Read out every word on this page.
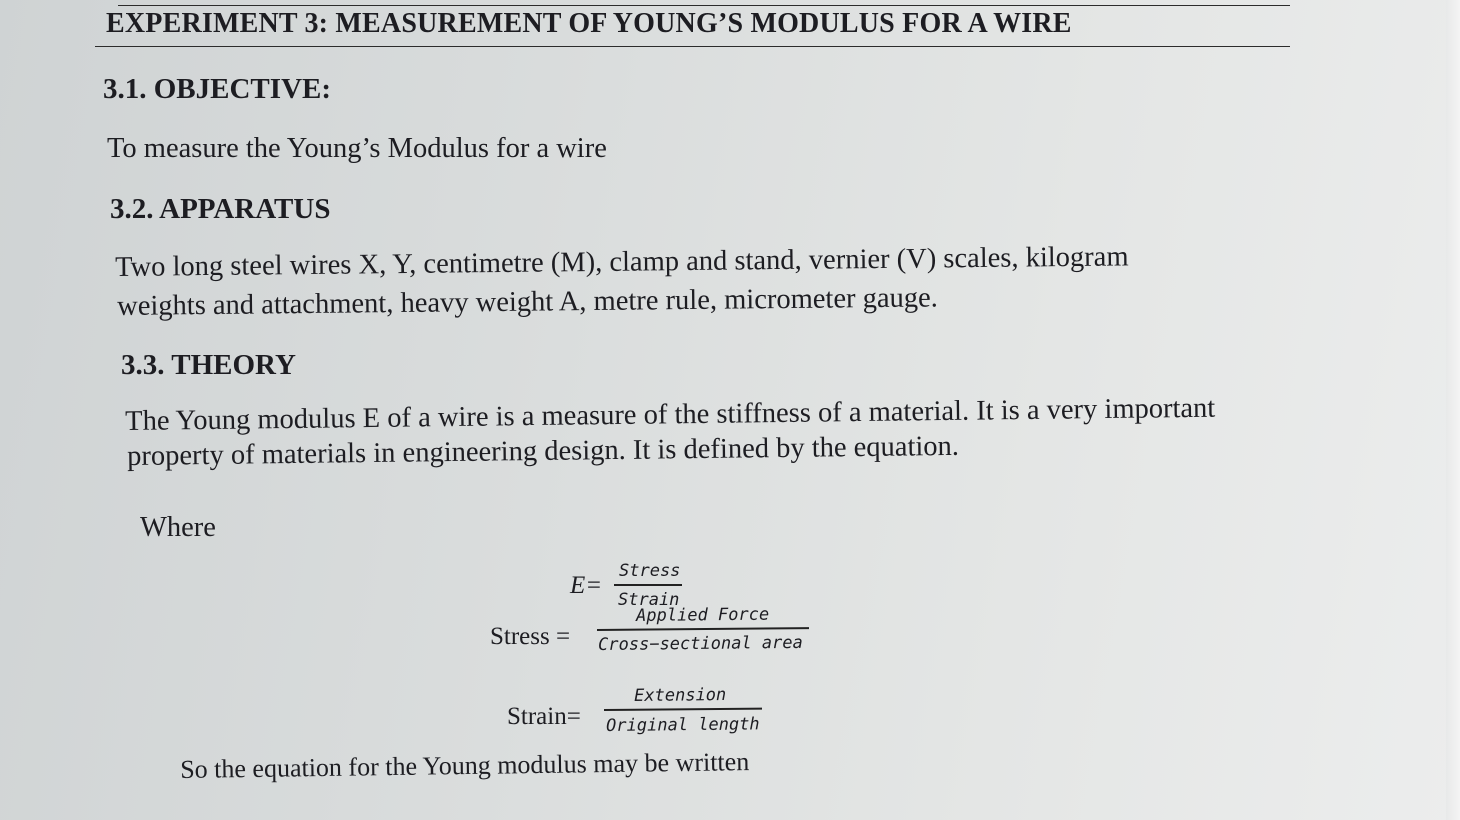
EXPERIMENT 3: MEASUREMENT OF YOUNG’S MODULUS FOR A WIRE
3.1. OBJECTIVE:
To measure the Young’s Modulus for a wire
3.2. APPARATUS
Two long steel wires X, Y, centimetre (M), clamp and stand, vernier (V) scales, kilogram
weights and attachment, heavy weight A, metre rule, micrometer gauge.
3.3. THEORY
The Young modulus E of a wire is a measure of the stiffness of a material. It is a very important
property of materials in engineering design. It is defined by the equation.
Where
E=
Stress
Strain
Stress =
Applied Force
Cross−sectional area
Strain=
Extension
Original length
So the equation for the Young modulus may be written
